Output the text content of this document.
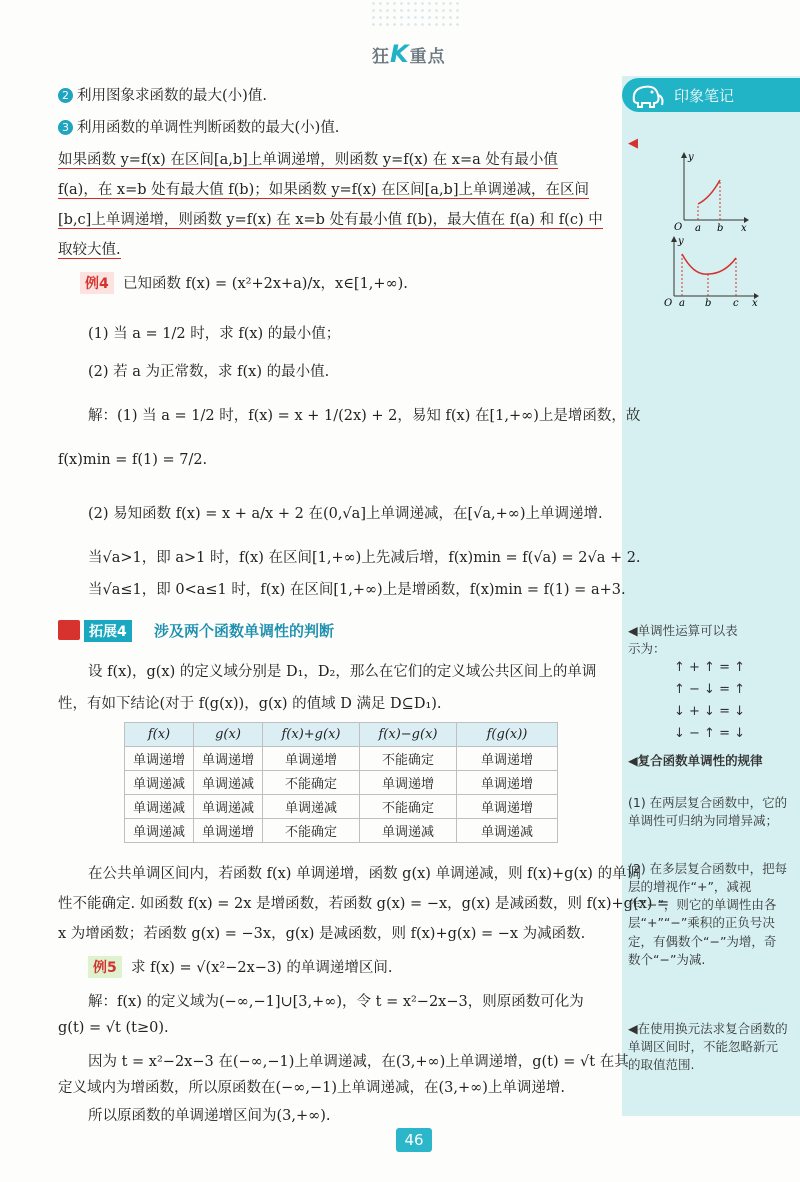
狂K重点
印象笔记
2 利用图象求函数的最大(小)值.
3 利用函数的单调性判断函数的最大(小)值.
如果函数 y=f(x) 在区间[a,b]上单调递增，则函数 y=f(x) 在 x=a 处有最小值
f(a)，在 x=b 处有最大值 f(b)；如果函数 y=f(x) 在区间[a,b]上单调递减，在区间
[b,c]上单调递增，则函数 y=f(x) 在 x=b 处有最小值 f(b)，最大值在 f(a) 和 f(c) 中
取较大值.
例4 已知函数 f(x) = (x²+2x+a)/x，x∈[1,+∞).
(1) 当 a = 1/2 时，求 f(x) 的最小值；
(2) 若 a 为正常数，求 f(x) 的最小值.
解：(1) 当 a = 1/2 时，f(x) = x + 1/(2x) + 2，易知 f(x) 在[1,+∞)上是增函数，故
f(x)min = f(1) = 7/2.
(2) 易知函数 f(x) = x + a/x + 2 在(0,√a]上单调递减，在[√a,+∞)上单调递增.
当√a>1，即 a>1 时，f(x) 在区间[1,+∞)上先减后增，f(x)min = f(√a) = 2√a + 2.
当√a≤1，即 0<a≤1 时，f(x) 在区间[1,+∞)上是增函数，f(x)min = f(1) = a+3.
拓展4	涉及两个函数单调性的判断
设 f(x)，g(x) 的定义域分别是 D₁，D₂，那么在它们的定义域公共区间上的单调
性，有如下结论(对于 f(g(x))，g(x) 的值域 D 满足 D⊆D₁).
f(x)	g(x)	f(x)+g(x)	f(x)−g(x)	f(g(x))
单调递增	单调递增	单调递增	不能确定	单调递增
单调递减	单调递减	不能确定	单调递增	单调递增
单调递减	单调递减	单调递减	不能确定	单调递增
单调递减	单调递增	不能确定	单调递减	单调递减
在公共单调区间内，若函数 f(x) 单调递增，函数 g(x) 单调递减，则 f(x)+g(x) 的单调
性不能确定. 如函数 f(x) = 2x 是增函数，若函数 g(x) = −x，g(x) 是减函数，则 f(x)+g(x) =
x 为增函数；若函数 g(x) = −3x，g(x) 是减函数，则 f(x)+g(x) = −x 为减函数.
例5 求 f(x) = √(x²−2x−3) 的单调递增区间.
解：f(x) 的定义域为(−∞,−1]∪[3,+∞)，令 t = x²−2x−3，则原函数可化为
g(t) = √t (t≥0).
因为 t = x²−2x−3 在(−∞,−1)上单调递减，在(3,+∞)上单调递增，g(t) = √t 在其
定义域内为增函数，所以原函数在(−∞,−1)上单调递减，在(3,+∞)上单调递增.
所以原函数的单调递增区间为(3,+∞).
◀
y
O a b x
y
O a b c x
◀单调性运算可以表
示为：
↑ + ↑ = ↑
↑ − ↓ = ↑
↓ + ↓ = ↓
↓ − ↑ = ↓
◀复合函数单调性的规律
(1) 在两层复合函数中，它的单调性可归纳为同增异减；
(2) 在多层复合函数中，把每层的增视作“+”，减视作“−”，则它的单调性由各层“+”“−”乘积的正负号决定，有偶数个“−”为增，奇数个“−”为减.
◀在使用换元法求复合函数的单调区间时，不能忽略新元的取值范围.
46
